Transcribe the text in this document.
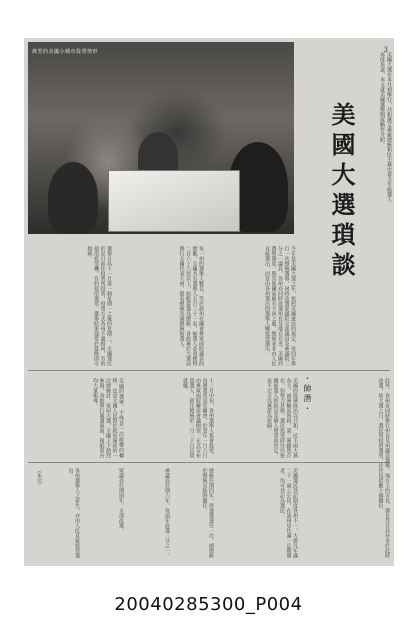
典型的美國小城市投票情形	3
美國大選在本月初舉行，共和黨艾森豪總統和民主黨史蒂文生候選人再度角逐，本文就美國選舉制度略作介紹。
美國大選瑣談
・帥潛・
今年是美國大選之年，依照美國憲法的規定，每四年舉行一次總統選舉，同時改選眾議院全部議員及參議院三分之一議員，各州亦同時改選州長及地方官吏。美國的選舉制度，與其他國家頗有不同之處，總統並非由人民直接選出，而是由各州選出的選舉人團投票選出。
每一州的選舉人數目，等於該州在國會參眾兩院議員的總數。全國共有選舉人五百三十一名，候選人必須獲得二百六十六票以上，始能當選為總統。各政黨於大選前舉行全國代表大會，提名總統及副總統候選人。
選舉日為十一月第一個星期一之後的星期二，全國選民於是日前往投票所投票，投票方式各州不盡相同，有的使用投票機，有的使用選票。選舉結果通常於當晚即可揭曉。
美國的政黨政治以共和、民主兩大黨為主，兩黨輪流執政，第三黨雖然存在，但勢力甚微。選民投票時往往依據候選人的政見及個人聲望而決定，並不完全以黨派為依歸。
十二月中旬，各州選舉人集會投票，再將選票送至國會，於翌年一月六日由參眾兩院聯席會議開票，正式宣布當選人。新任總統於一月二十日宣誓就職。
美國的選舉，不僅是一次政權的轉移，也是全國人民對於政府施政的一次總檢討。每屆大選，全國上下熱烈參與，各地舉行競選演說，報紙電台均大量報導。	此外，各州並同時舉行州長及州議員選舉，地方上的市長、郡長等官員亦多於此時改選，故大選之日，選民所投的選票，往往包括數十個職位。
美國選民登記制度各州不一，大致凡年滿二十一歲之公民，在該州居住滿一定期間者，均可登記為選民。
總統任期四年，得連選連任一次。副總統於總統出缺時繼任。
參議員任期六年，每兩年改選三分之一。
眾議員任期兩年，全部改選。
各州選舉人之產生，亦由人民直接投票選出。
（未完）
20040285300_P004
